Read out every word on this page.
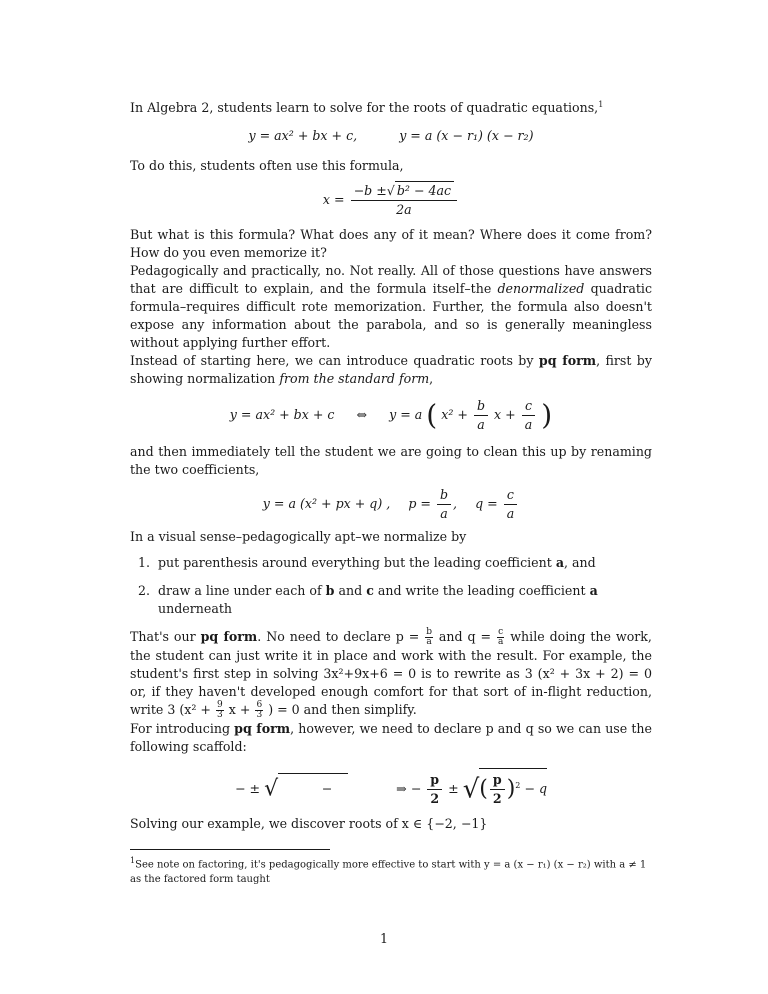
In Algebra 2, students learn to solve for the roots of quadratic equations,$^1$

y = ax² + bx + c,	y = a (x − r₁) (x − r₂)

To do this, students often use this formula,

$x = \frac{\text{−b ±√ b² − 4ac}}{2a}$

But what is this formula? What does any of it mean? Where does it come from? How do you even memorize it?

Pedagogically and practically, no. Not really. All of those questions have answers that are difficult to explain, and the formula itself–the denormalized quadratic formula–requires difficult rote memorization. Further, the formula also doesn't expose any information about the parabola, and so is generally meaningless without applying further effort.

Instead of starting here, we can introduce quadratic roots by pq form, first by showing normalization from the standard form,

y = ax² + bx + c ⇔ y = a ( $x^2 + \frac{b}{a}$ $x + \frac{c}{a}$ )

and then immediately tell the student we are going to clean this up by renaming the two coefficients,

y = a (x² + px + q) , $p = \frac{b}{a}$ , $q = \frac{c}{a}$

In a visual sense–pedagogically apt–we normalize by

1. put parenthesis around everything but the leading coefficient a, and
2. draw a line under each of b and c and write the leading coefficient a underneath

That's our pq form. No need to declare $p = \frac{b}{a}$ and $q = \frac{c}{a}$ while doing the work, the student can just write it in place and work with the result. For example, the student's first step in solving 3x²+9x+6 = 0 is to rewrite as 3 (x² + 3x + 2) = 0 or, if they haven't developed enough comfort for that sort of in-flight reduction, write 3 ($x^2 + \frac{9}{3}$ $x + \frac{6}{3}$ ) = 0 and then simplify.

For introducing pq form, however, we need to declare p and q so we can use the following scaffold:

− ± √	−	⇒ − $\frac{p}{2}$ ± √( $\frac{p}{2} )^2 - q$

Solving our example, we discover roots of x ∈ {−2, −1}

$^1$See note on factoring, it's pedagogically more effective to start with y = a (x − r₁) (x − r₂) with a ≠ 1 as the factored form taught
1
